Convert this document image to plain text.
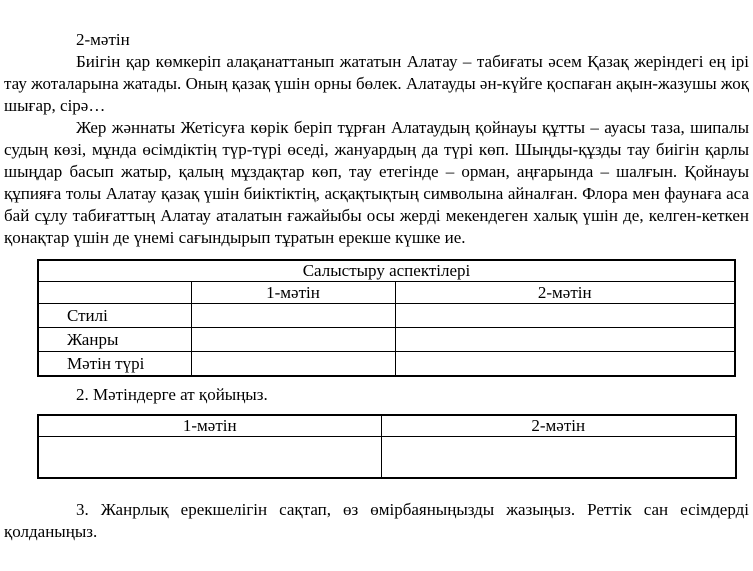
2-мәтін

Биігін қар көмкеріп алақанаттанып жататын Алатау – табиғаты әсем Қазақ жеріндегі ең ірі тау жоталарына жатады. Оның қазақ үшін орны бөлек. Алатауды ән-күйге қоспаған ақын-жазушы жоқ шығар, сірә…

Жер жәннаты Жетісуға көрік беріп тұрған Алатаудың қойнауы құтты – ауасы таза, шипалы судың көзі, мұнда өсімдіктің түр-түрі өседі, жануардың да түрі көп. Шыңды-құзды тау биігін қарлы шыңдар басып жатыр, қалың мұздақтар көп, тау етегінде – орман, аңғарында – шалғын. Қойнауы құпияға толы Алатау қазақ үшін биіктіктің, асқақтықтың символына айналған. Флора мен фаунаға аса бай сұлу табиғаттың Алатау аталатын ғажайыбы осы жерді мекендеген халық үшін де, келген-кеткен қонақтар үшін де үнемі сағындырып тұратын ерекше күшке ие.

Салыстыру аспектілері		
	1-мәтін	2-мәтін
Стилі		
Жанры		
Мәтін түрі		

2. Мәтіндерге ат қойыңыз.

1-мәтін	2-мәтін

3. Жанрлық ерекшелігін сақтап, өз өмірбаяныңызды жазыңыз. Реттік сан есімдерді қолданыңыз.
